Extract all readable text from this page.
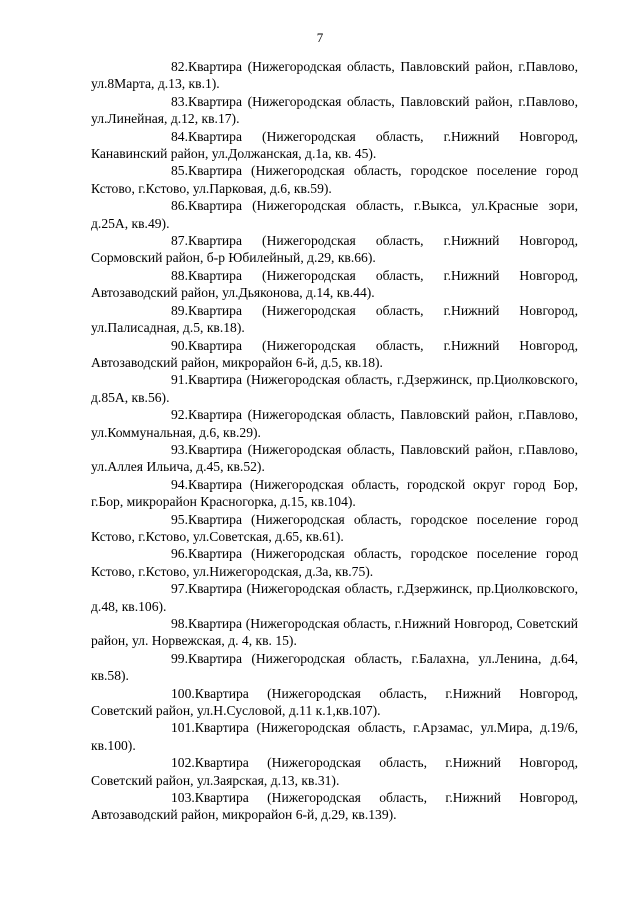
7

82.Квартира (Нижегородская область, Павловский район, г.Павлово, ул.8Марта, д.13, кв.1).

83.Квартира (Нижегородская область, Павловский район, г.Павлово, ул.Линейная, д.12, кв.17).

84.Квартира (Нижегородская область, г.Нижний Новгород, Канавинский район, ул.Должанская, д.1а, кв. 45).

85.Квартира (Нижегородская область, городское поселение город Кстово, г.Кстово, ул.Парковая, д.6, кв.59).

86.Квартира (Нижегородская область, г.Выкса, ул.Красные зори, д.25А, кв.49).

87.Квартира (Нижегородская область, г.Нижний Новгород, Сормовский район, б-р Юбилейный, д.29, кв.66).

88.Квартира (Нижегородская область, г.Нижний Новгород, Автозаводский район, ул.Дьяконова, д.14, кв.44).

89.Квартира (Нижегородская область, г.Нижний Новгород, ул.Палисадная, д.5, кв.18).

90.Квартира (Нижегородская область, г.Нижний Новгород, Автозаводский район, микрорайон 6-й, д.5, кв.18).

91.Квартира (Нижегородская область, г.Дзержинск, пр.Циолковского, д.85А, кв.56).

92.Квартира (Нижегородская область, Павловский район, г.Павлово, ул.Коммунальная, д.6, кв.29).

93.Квартира (Нижегородская область, Павловский район, г.Павлово, ул.Аллея Ильича, д.45, кв.52).

94.Квартира (Нижегородская область, городской округ город Бор, г.Бор, микрорайон Красногорка, д.15, кв.104).

95.Квартира (Нижегородская область, городское поселение город Кстово, г.Кстово, ул.Советская, д.65, кв.61).

96.Квартира (Нижегородская область, городское поселение город Кстово, г.Кстово, ул.Нижегородская, д.3а, кв.75).

97.Квартира (Нижегородская область, г.Дзержинск, пр.Циолковского, д.48, кв.106).

98.Квартира (Нижегородская область, г.Нижний Новгород, Советский район, ул. Норвежская, д. 4, кв. 15).

99.Квартира (Нижегородская область, г.Балахна, ул.Ленина, д.64, кв.58).

100.Квартира (Нижегородская область, г.Нижний Новгород, Советский район, ул.Н.Сусловой, д.11 к.1,кв.107).

101.Квартира (Нижегородская область, г.Арзамас, ул.Мира, д.19/6, кв.100).

102.Квартира (Нижегородская область, г.Нижний Новгород, Советский район, ул.Заярская, д.13, кв.31).

103.Квартира (Нижегородская область, г.Нижний Новгород, Автозаводский район, микрорайон 6-й, д.29, кв.139).
